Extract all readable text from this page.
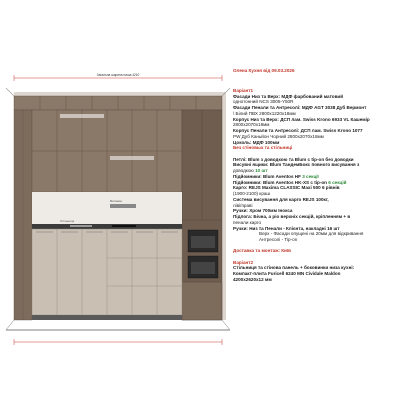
Загальна ширина ниша 4210
Витяжка
Стільниця
Олена Кухня від 09.03.2026
Варіант1
Фасади Низ та Верх: МДФ фарбований матовий
однотонний NCS 3005-Y50R
Фасади Пенали та Антресолі: МДФ AGT 3038 Дуб Вермонт
\ Білий ПВХ 2800х1220х18мм
Корпус Низ та Верх: ДСП лам. Swiss Krono 6933 VL Кашемір
2800х2070х18мм
Корпус Пенали та Антресолі: ДСП лам. Swiss Krono 1077
PW Дуб Каньйон Чорний 2800х2070х18мм
Цоколь: МДФ 100мм
Без стіновых та стільниці
Петлі: Blum з доводкою та Blum с tip-on без доводки
Висувні ящики: Blum ТандемБокс повного висування з
доводкою 10 шт
Підйомники: Blum Aventos HF 3 секції
Підйомники: Blum Aventos HK-XS с tip-on 6 секцій
Карго: REJS Maxima CLASSIC Maxi 500 6 рівнів
(1900-2100) краш
Система висування для карго REJS 100кг,
ліві/праві
Ручки: Хром 700мм Іноксa
Підлога: Бічна, а ріо верхніх секцій, кріпленням + в
пенали карго
Ручки: Низ та Пенали - Клієнта, накладні 16 шт
Верх - Фасади опущені на 20мм для відкривання
Антресолі - Tip-on
Доставка та монтаж: Київ
Варіант2
Стільниця та стінова панель + боковинки низа кухні:
Компакт-плита Furicell 6240 MN Cividale Maldon
4200х2620х12 мм
